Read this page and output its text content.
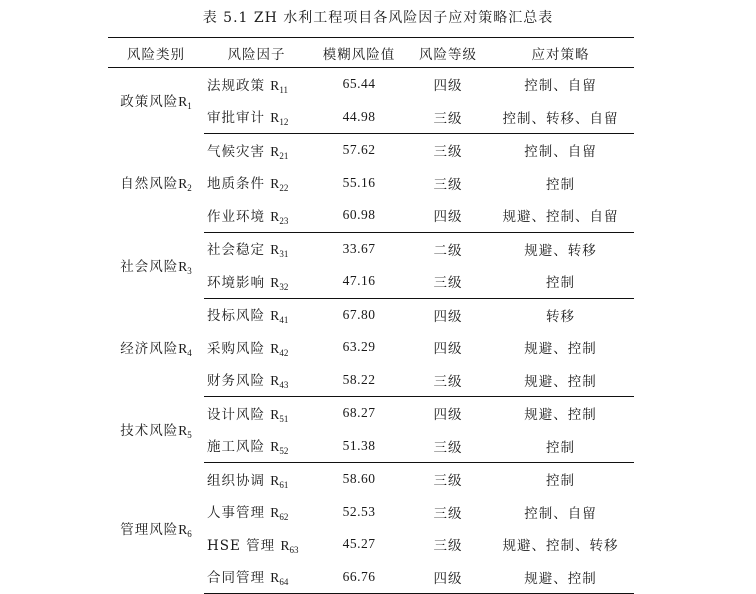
表 5.1 ZH 水利工程项目各风险因子应对策略汇总表
风险类别	风险因子	模糊风险值	风险等级	应对策略
政策风险$R_1$	法规政策 $R_{11}$	65.44	四级	控制、自留
	审批审计 $R_{12}$	44.98	三级	控制、转移、自留
自然风险$R_2$	气候灾害 $R_{21}$	57.62	三级	控制、自留
	地质条件 $R_{22}$	55.16	三级	控制
	作业环境 $R_{23}$	60.98	四级	规避、控制、自留
社会风险$R_3$	社会稳定 $R_{31}$	33.67	二级	规避、转移
	环境影响 $R_{32}$	47.16	三级	控制
经济风险$R_4$	投标风险 $R_{41}$	67.80	四级	转移
	采购风险 $R_{42}$	63.29	四级	规避、控制
	财务风险 $R_{43}$	58.22	三级	规避、控制
技术风险$R_5$	设计风险 $R_{51}$	68.27	四级	规避、控制
	施工风险 $R_{52}$	51.38	三级	控制
管理风险$R_6$	组织协调 $R_{61}$	58.60	三级	控制
	人事管理 $R_{62}$	52.53	三级	控制、自留
	HSE 管理 $R_{63}$	45.27	三级	规避、控制、转移
	合同管理 $R_{64}$	66.76	四级	规避、控制
